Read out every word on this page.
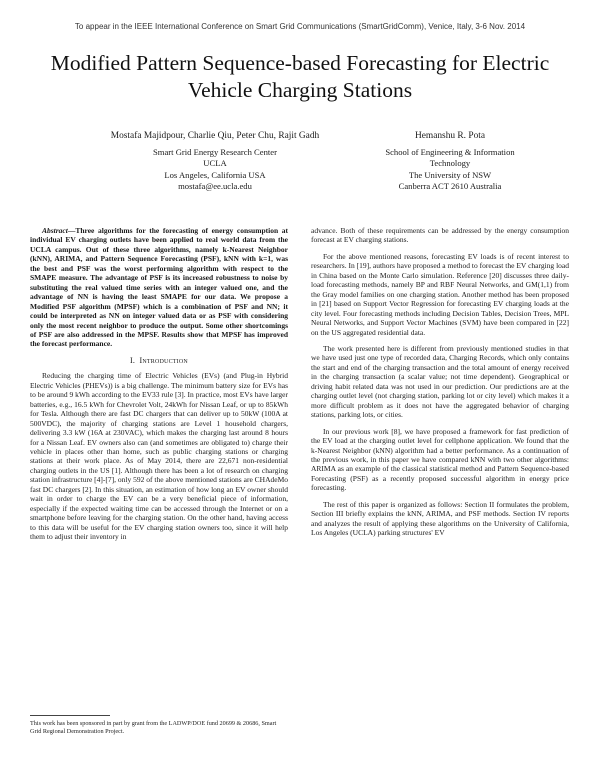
To appear in the IEEE International Conference on Smart Grid Communications (SmartGridComm), Venice, Italy, 3-6 Nov. 2014
Modified Pattern Sequence-based Forecasting for Electric Vehicle Charging Stations
Mostafa Majidpour, Charlie Qiu, Peter Chu, Rajit Gadh
Smart Grid Energy Research Center
UCLA
Los Angeles, California USA
mostafa@ee.ucla.edu
Hemanshu R. Pota
School of Engineering & Information
Technology
The University of NSW
Canberra ACT 2610 Australia

Abstract—Three algorithms for the forecasting of energy consumption at individual EV charging outlets have been applied to real world data from the UCLA campus. Out of these three algorithms, namely k-Nearest Neighbor (kNN), ARIMA, and Pattern Sequence Forecasting (PSF), kNN with k=1, was the best and PSF was the worst performing algorithm with respect to the SMAPE measure. The advantage of PSF is its increased robustness to noise by substituting the real valued time series with an integer valued one, and the advantage of NN is having the least SMAPE for our data. We propose a Modified PSF algorithm (MPSF) which is a combination of PSF and NN; it could be interpreted as NN on integer valued data or as PSF with considering only the most recent neighbor to produce the output. Some other shortcomings of PSF are also addressed in the MPSF. Results show that MPSF has improved the forecast performance.

I. Introduction

Reducing the charging time of Electric Vehicles (EVs) (and Plug-in Hybrid Electric Vehicles (PHEVs)) is a big challenge. The minimum battery size for EVs has to be around 9 kWh according to the EV33 rule [3]. In practice, most EVs have larger batteries, e.g., 16.5 kWh for Chevrolet Volt, 24kWh for Nissan Leaf, or up to 85kWh for Tesla. Although there are fast DC chargers that can deliver up to 50kW (100A at 500VDC), the majority of charging stations are Level 1 household chargers, delivering 3.3 kW (16A at 230VAC), which makes the charging last around 8 hours for a Nissan Leaf. EV owners also can (and sometimes are obligated to) charge their vehicle in places other than home, such as public charging stations or charging stations at their work place. As of May 2014, there are 22,671 non-residential charging outlets in the US [1]. Although there has been a lot of research on charging station infrastructure [4]-[7], only 592 of the above mentioned stations are CHAdeMo fast DC chargers [2]. In this situation, an estimation of how long an EV owner should wait in order to charge the EV can be a very beneficial piece of information, especially if the expected waiting time can be accessed through the Internet or on a smartphone before leaving for the charging station. On the other hand, having access to this data will be useful for the EV charging station owners too, since it will help them to adjust their inventory in

advance. Both of these requirements can be addressed by the energy consumption forecast at EV charging stations.

For the above mentioned reasons, forecasting EV loads is of recent interest to researchers. In [19], authors have proposed a method to forecast the EV charging load in China based on the Monte Carlo simulation. Reference [20] discusses three daily-load forecasting methods, namely BP and RBF Neural Networks, and GM(1,1) from the Gray model families on one charging station. Another method has been proposed in [21] based on Support Vector Regression for forecasting EV charging loads at the city level. Four forecasting methods including Decision Tables, Decision Trees, MPL Neural Networks, and Support Vector Machines (SVM) have been compared in [22] on the US aggregated residential data.

The work presented here is different from previously mentioned studies in that we have used just one type of recorded data, Charging Records, which only contains the start and end of the charging transaction and the total amount of energy received in the charging transaction (a scalar value; not time dependent). Geographical or driving habit related data was not used in our prediction. Our predictions are at the charging outlet level (not charging station, parking lot or city level) which makes it a more difficult problem as it does not have the aggregated behavior of charging stations, parking lots, or cities.

In our previous work [8], we have proposed a framework for fast prediction of the EV load at the charging outlet level for cellphone application. We found that the k-Nearest Neighbor (kNN) algorithm had a better performance. As a continuation of the previous work, in this paper we have compared kNN with two other algorithms: ARIMA as an example of the classical statistical method and Pattern Sequence-based Forecasting (PSF) as a recently proposed successful algorithm in energy price forecasting.

The rest of this paper is organized as follows: Section II formulates the problem, Section III briefly explains the kNN, ARIMA, and PSF methods. Section IV reports and analyzes the result of applying these algorithms on the University of California, Los Angeles (UCLA) parking structures' EV

This work has been sponsored in part by grant from the LADWP/DOE fund 20699 & 20686, Smart Grid Regional Demonstration Project.
